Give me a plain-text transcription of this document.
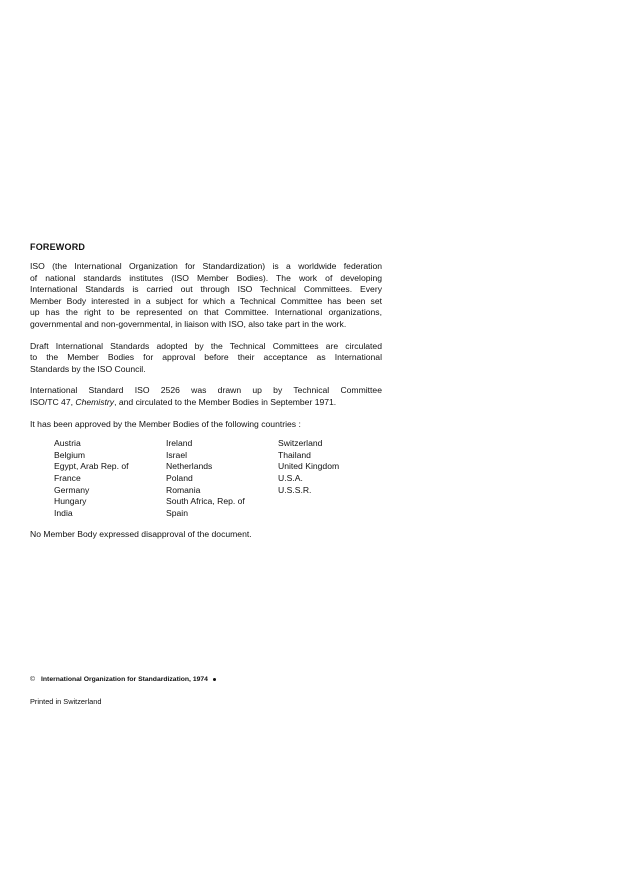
FOREWORD
ISO (the International Organization for Standardization) is a worldwide federation
of national standards institutes (ISO Member Bodies). The work of developing
International Standards is carried out through ISO Technical Committees. Every
Member Body interested in a subject for which a Technical Committee has been set
up has the right to be represented on that Committee. International organizations,
governmental and non-governmental, in liaison with ISO, also take part in the work.
Draft International Standards adopted by the Technical Committees are circulated
to the Member Bodies for approval before their acceptance as International
Standards by the ISO Council.
International Standard ISO 2526 was drawn up by Technical Committee
ISO/TC 47, Chemistry, and circulated to the Member Bodies in September 1971.
It has been approved by the Member Bodies of the following countries :
Austria
Belgium
Egypt, Arab Rep. of
France
Germany
Hungary
India
Ireland
Israel
Netherlands
Poland
Romania
South Africa, Rep. of
Spain
Switzerland
Thailand
United Kingdom
U.S.A.
U.S.S.R.
No Member Body expressed disapproval of the document.
© International Organization for Standardization, 1974
Printed in Switzerland
